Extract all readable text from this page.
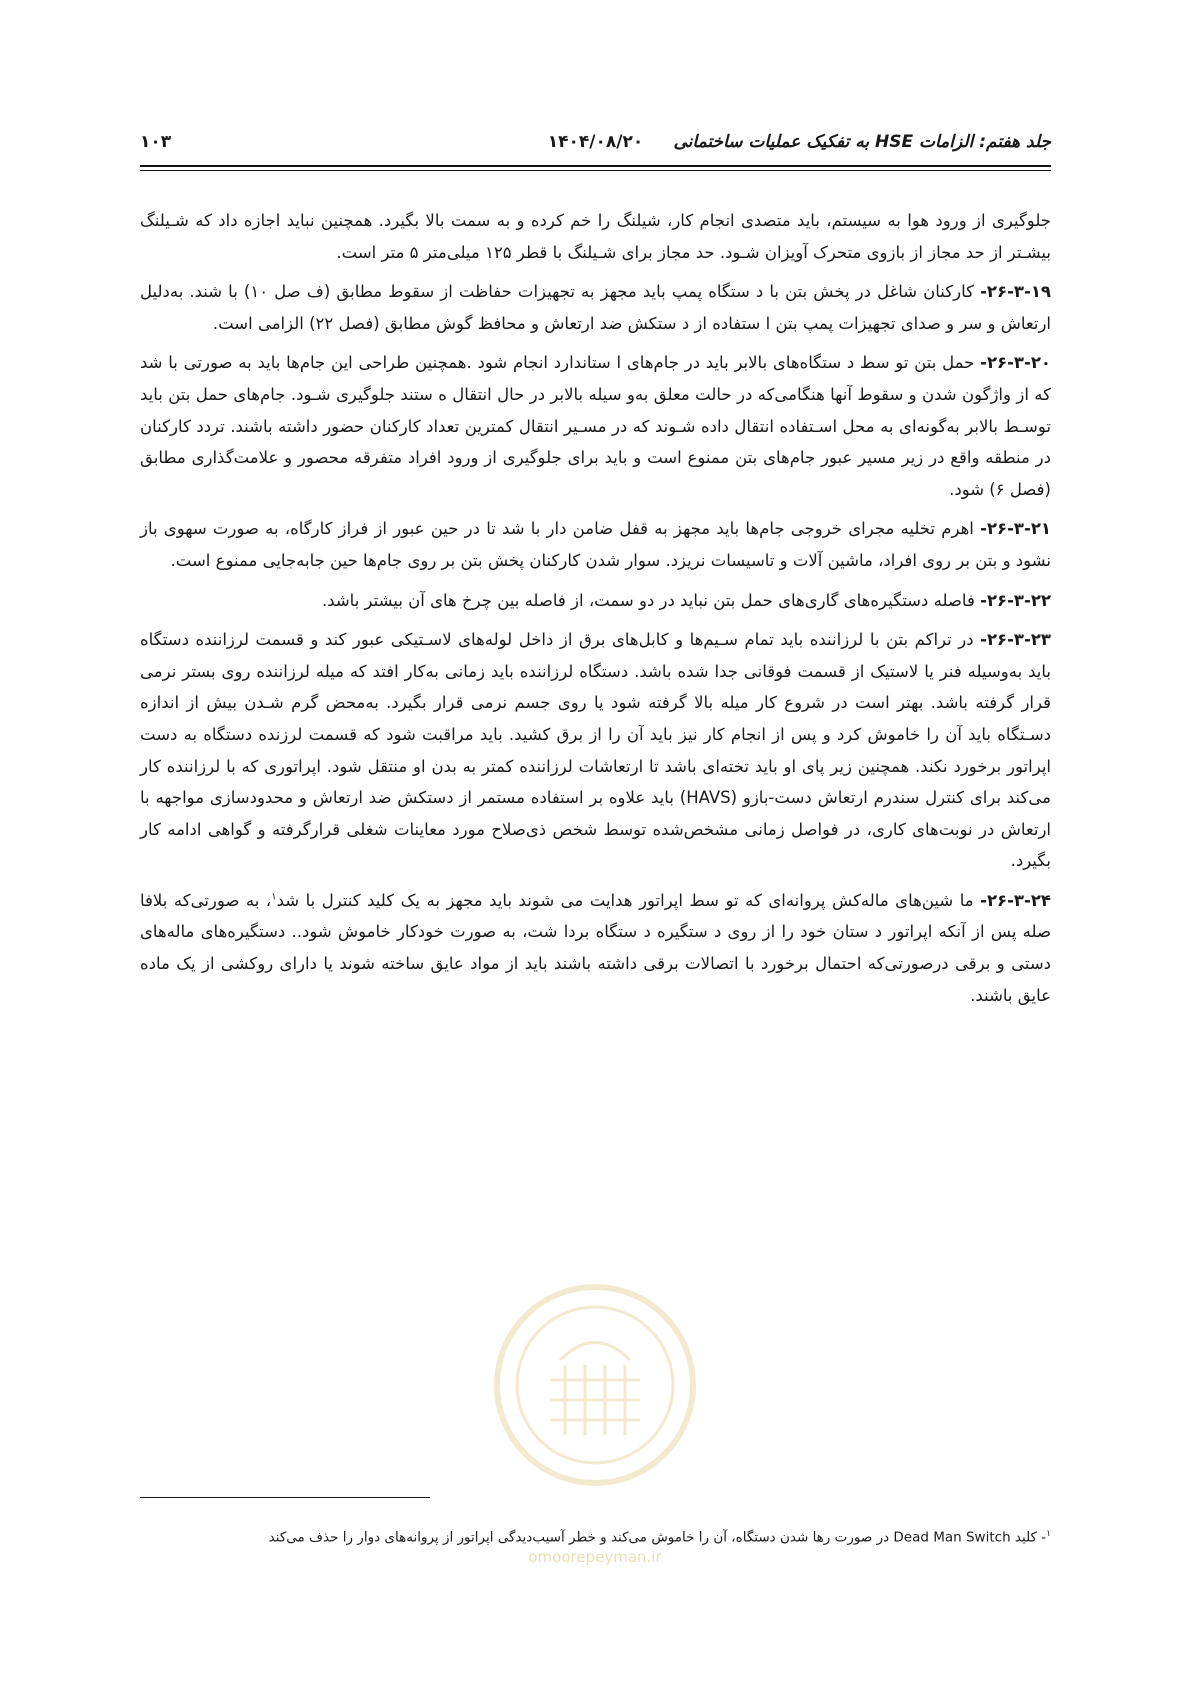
جلد هفتم: الزامات HSE به تفکیک عملیات ساختمانی
۱۴۰۴/۰۸/۲۰
۱۰۳

جلوگیری از ورود هوا به سیستم، باید متصدی انجام کار، شیلنگ را خم کرده و به سمت بالا بگیرد. همچنین نباید اجازه داد که شـیلنگ بیشـتر از حد مجاز از بازوی متحرک آویزان شـود. حد مجاز برای شـیلنگ با قطر ۱۲۵ میلی‌متر ۵ متر است.

۲۶-۳-۱۹- کارکنان شاغل در پخش بتن با د ستگاه پمپ باید مجهز به تجهیزات حفاظت از سقوط مطابق (ف صل ۱۰) با شند. به‌دلیل ارتعاش و سر و صدای تجهیزات پمپ بتن ا ستفاده از د ستکش ضد ارتعاش و محافظ گوش مطابق (فصل ۲۲) الزامی است.

۲۶-۳-۲۰- حمل بتن تو سط د ستگاه‌های بالابر باید در جام‌های ا ستاندارد انجام شود .همچنین طراحی این جام‌ها باید به صورتی با شد که از واژگون شدن و سقوط آنها هنگامی‌که در حالت معلق به‌و سیله بالابر در حال انتقال ه ستند جلوگیری شـود. جام‌های حمل بتن باید توسـط بالابر به‌گونه‌ای به محل اسـتفاده انتقال داده شـوند که در مسـیر انتقال کمترین تعداد کارکنان حضور داشته باشند. تردد کارکنان در منطقه واقع در زیر مسیر عبور جام‌های بتن ممنوع است و باید برای جلوگیری از ورود افراد متفرقه محصور و علامت‌گذاری مطابق (فصل ۶) شود.

۲۶-۳-۲۱- اهرم تخلیه مجرای خروجی جام‌ها باید مجهز به قفل ضامن دار با شد تا در حین عبور از فراز کارگاه، به صورت سهوی باز نشود و بتن بر روی افراد، ماشین آلات و تاسیسات نریزد. سوار شدن کارکنان پخش بتن بر روی جام‌ها حین جابه‌جایی ممنوع است.

۲۶-۳-۲۲- فاصله دستگیره‌های گاری‌های حمل بتن نباید در دو سمت، از فاصله بین چرخ های آن بیشتر باشد.

۲۶-۳-۲۳- در تراکم بتن با لرزاننده باید تمام سـیم‌ها و کابل‌های برق از داخل لوله‌های لاسـتیکی عبور کند و قسمت لرزاننده دستگاه باید به‌وسیله فنر یا لاستیک از قسمت فوقانی جدا شده باشد. دستگاه لرزاننده باید زمانی به‌کار افتد که میله لرزاننده روی بستر نرمی قرار گرفته باشد. بهتر است در شروع کار میله بالا گرفته شود یا روی جسم نرمی قرار بگیرد. به‌محض گرم شـدن بیش از اندازه دسـتگاه باید آن را خاموش کرد و پس از انجام کار نیز باید آن را از برق کشید. باید مراقبت شود که قسمت لرزنده دستگاه به دست اپراتور برخورد نکند. همچنین زیر پای او باید تخته‌ای باشد تا ارتعاشات لرزاننده کمتر به بدن او منتقل شود. اپراتوری که با لرزاننده کار می‌کند برای کنترل سندرم ارتعاش دست-بازو (HAVS) باید علاوه بر استفاده مستمر از دستکش ضد ارتعاش و محدودسازی مواجهه با ارتعاش در نوبت‌های کاری، در فواصل زمانی مشخص‌شده توسط شخص ذی‌صلاح مورد معاینات شغلی قرارگرفته و گواهی ادامه کار بگیرد.

۲۶-۳-۲۴- ما شین‌های ماله‌کش پروانه‌ای که تو سط اپراتور هدایت می شوند باید مجهز به یک کلید کنترل با شد$^۱$، به صورتی‌که بلافا صله پس از آنکه اپراتور د ستان خود را از روی د ستگیره د ستگاه بردا شت، به صورت خودکار خاموش شود.. دستگیره‌های ماله‌های دستی و برقی درصورتی‌که احتمال برخورد با اتصالات برقی داشته باشند باید از مواد عایق ساخته شوند یا دارای روکشی از یک ماده عایق باشند.

$^۱$- کلید Dead Man Switch در صورت رها شدن دستگاه، آن را خاموش می‌کند و خطر آسیب‌دیدگی اپراتور از پروانه‌های دوار را حذف می‌کند
omoorepeyman.ir
